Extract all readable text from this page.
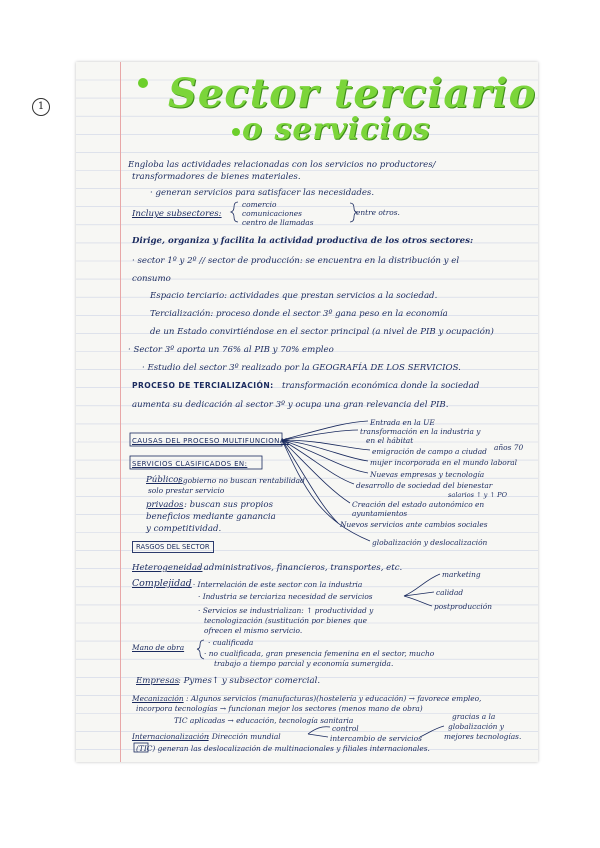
1	Sector terciario
o servicios
Engloba las actividades relacionadas con los servicios no productores/
transformadores de bienes materiales.
· generan servicios para satisfacer las necesidades.
Incluye subsectores:
comercio
comunicaciones
centro de llamadas
entre otros.
Dirige, organiza y facilita la actividad productiva de los otros sectores:
· sector 1º y 2º // sector de producción: se encuentra en la distribución y el
consumo
Espacio terciario: actividades que prestan servicios a la sociedad.
Tercialización: proceso donde el sector 3º gana peso en la economía
de un Estado convirtiéndose en el sector principal (a nivel de PIB y ocupación)
· Sector 3º aporta un 76% al PIB y 70% empleo
· Estudio del sector 3º realizado por la GEOGRAFÍA DE LOS SERVICIOS.
PROCESO DE TERCIALIZACIÓN: transformación económica donde la sociedad
aumenta su dedicación al sector 3º y ocupa una gran relevancia del PIB.
CAUSAS DEL PROCESO MULTIFUNCIONAL
Entrada en la UE
transformación en la industria y
en el hábitat
emigración de campo a ciudad años 70
mujer incorporada en el mundo laboral
Nuevas empresas y tecnología
desarrollo de sociedad del bienestar
salarios ↑ y ↑ PO
Creación del estado autonómico en
ayuntamientos
Nuevos servicios ante cambios sociales
globalización y deslocalización
SERVICIOS CLASIFICADOS EN:
Públicos
: gobierno no buscan rentabilidad
solo prestar servicio
privados : buscan sus propios
beneficios mediante ganancia
y competitividad.
RASGOS DEL SECTOR
Heterogeneidad
: administrativos, financieros, transportes, etc.
Complejidad
: · Interrelación de este sector con la industria
· Industria se terciariza necesidad de servicios
· Servicios se industrializan: ↑ productividad y
tecnologización (sustitución por bienes que
ofrecen el mismo servicio.
marketing
calidad
postproducción
Mano de obra
· cualificada
· no cualificada, gran presencia femenina en el sector, mucho
trabajo a tiempo parcial y economía sumergida.
Empresas
: Pymes↑ y subsector comercial.
Mecanización : Algunos servicios (manufacturas)(hostelería y educación) → favorece empleo,
incorpora tecnologías → funcionan mejor los sectores (menos mano de obra)
TIC aplicadas → educación, tecnología sanitaria
Internacionalización
: Dirección mundial
control
intercambio de servicios
gracias a la
globalización y
mejores tecnologías.
(TIC) generan las deslocalización de multinacionales y filiales internacionales.
